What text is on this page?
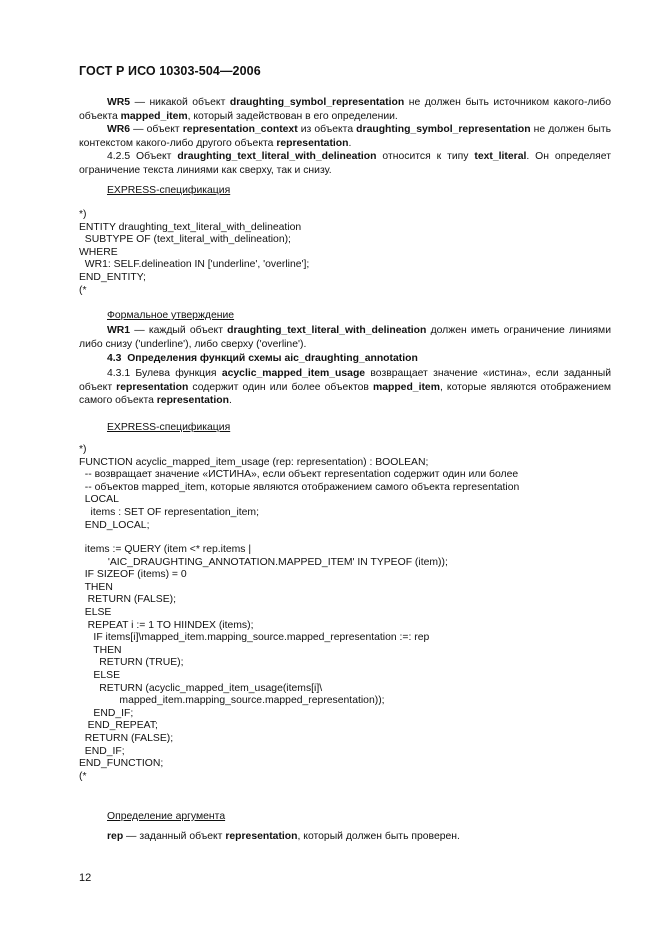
ГОСТ Р ИСО 10303-504—2006
WR5 — никакой объект draughting_symbol_representation не должен быть источником какого-либо объекта mapped_item, который задействован в его определении.
WR6 — объект representation_context из объекта draughting_symbol_representation не должен быть контекстом какого-либо другого объекта representation.
4.2.5 Объект draughting_text_literal_with_delineation относится к типу text_literal. Он определяет ограничение текста линиями как сверху, так и снизу.
EXPRESS-спецификация
*)
ENTITY draughting_text_literal_with_delineation
SUBTYPE OF (text_literal_with_delineation);
WHERE
WR1: SELF.delineation IN ['underline', 'overline'];
END_ENTITY;
(*
Формальное утверждение
WR1 — каждый объект draughting_text_literal_with_delineation должен иметь ограничение линиями либо снизу ('underline'), либо сверху ('overline').
4.3  Определения функций схемы aic_draughting_annotation
4.3.1 Булева функция acyclic_mapped_item_usage возвращает значение «истина», если заданный объект representation содержит один или более объектов mapped_item, которые являются отображением самого объекта representation.
EXPRESS-спецификация
*)
FUNCTION acyclic_mapped_item_usage (rep: representation) : BOOLEAN;
-- возвращает значение «ИСТИНА», если объект representation содержит один или более
-- объектов mapped_item, которые являются отображением самого объекта representation
LOCAL
items : SET OF representation_item;
END_LOCAL;
items := QUERY (item <* rep.items |
'AIC_DRAUGHTING_ANNOTATION.MAPPED_ITEM' IN TYPEOF (item));
IF SIZEOF (items) = 0
THEN
RETURN (FALSE);
ELSE
REPEAT i := 1 TO HIINDEX (items);
IF items[i]\mapped_item.mapping_source.mapped_representation :=: rep
THEN
RETURN (TRUE);
ELSE
RETURN (acyclic_mapped_item_usage(items[i]\
mapped_item.mapping_source.mapped_representation));
END_IF;
END_REPEAT;
RETURN (FALSE);
END_IF;
END_FUNCTION;
(*
Определение аргумента
rep — заданный объект representation, который должен быть проверен.
12
